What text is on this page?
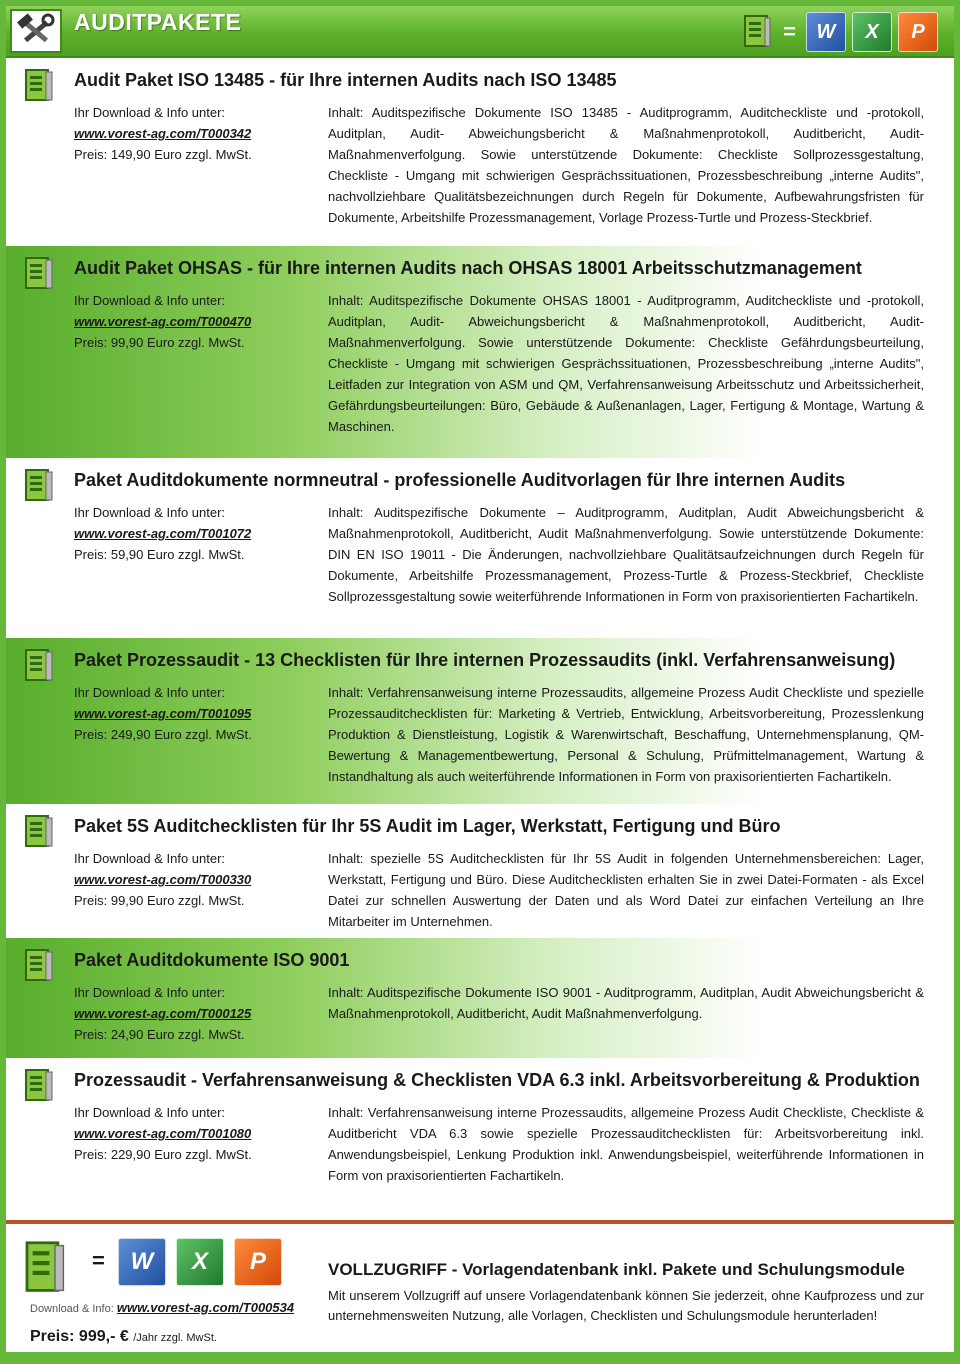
AUDITPAKETE	=	W	X	P
Audit Paket ISO 13485 - für Ihre internen Audits nach ISO 13485
Ihr Download & Info unter:
www.vorest-ag.com/T000342
Preis: 149,90 Euro zzgl. MwSt.
Inhalt: Auditspezifische Dokumente ISO 13485 - Auditprogramm, Auditcheckliste und -protokoll, Auditplan, Audit- Abweichungsbericht & Maßnahmenprotokoll, Auditbericht, Audit-Maßnahmenverfolgung. Sowie unterstützende Dokumente: Checkliste Sollprozessgestaltung, Checkliste - Umgang mit schwierigen Gesprächssituationen, Prozessbeschreibung „interne Audits", nachvollziehbare Qualitätsbezeichnungen durch Regeln für Dokumente, Aufbewahrungsfristen für Dokumente, Arbeitshilfe Prozessmanagement, Vorlage Prozess-Turtle und Prozess-Steckbrief.
Audit Paket OHSAS - für Ihre internen Audits nach OHSAS 18001 Arbeitsschutzmanagement
Ihr Download & Info unter:
www.vorest-ag.com/T000470
Preis: 99,90 Euro zzgl. MwSt.
Inhalt: Auditspezifische Dokumente OHSAS 18001 - Auditprogramm, Auditcheckliste und -protokoll, Auditplan, Audit- Abweichungsbericht & Maßnahmenprotokoll, Auditbericht, Audit-Maßnahmenverfolgung. Sowie unterstützende Dokumente: Checkliste Gefährdungsbeurteilung, Checkliste - Umgang mit schwierigen Gesprächssituationen, Prozessbeschreibung „interne Audits", Leitfaden zur Integration von ASM und QM, Verfahrensanweisung Arbeitsschutz und Arbeitssicherheit, Gefährdungsbeurteilungen: Büro, Gebäude & Außenanlagen, Lager, Fertigung & Montage, Wartung & Maschinen.
Paket Auditdokumente normneutral - professionelle Auditvorlagen für Ihre internen Audits
Ihr Download & Info unter:
www.vorest-ag.com/T001072
Preis: 59,90 Euro zzgl. MwSt.
Inhalt: Auditspezifische Dokumente – Auditprogramm, Auditplan, Audit Abweichungsbericht & Maßnahmenprotokoll, Auditbericht, Audit Maßnahmenverfolgung. Sowie unterstützende Dokumente: DIN EN ISO 19011 - Die Änderungen, nachvollziehbare Qualitätsaufzeichnungen durch Regeln für Dokumente, Arbeitshilfe Prozessmanagement, Prozess-Turtle & Prozess-Steckbrief, Checkliste Sollprozessgestaltung sowie weiterführende Informationen in Form von praxisorientierten Fachartikeln.
Paket Prozessaudit - 13 Checklisten für Ihre internen Prozessaudits (inkl. Verfahrensanweisung)
Ihr Download & Info unter:
www.vorest-ag.com/T001095
Preis: 249,90 Euro zzgl. MwSt.
Inhalt: Verfahrensanweisung interne Prozessaudits, allgemeine Prozess Audit Checkliste und spezielle Prozessauditchecklisten für: Marketing & Vertrieb, Entwicklung, Arbeitsvorbereitung, Prozesslenkung Produktion & Dienstleistung, Logistik & Warenwirtschaft, Beschaffung, Unternehmensplanung, QM-Bewertung & Managementbewertung, Personal & Schulung, Prüfmittelmanagement, Wartung & Instandhaltung als auch weiterführende Informationen in Form von praxisorientierten Fachartikeln.
Paket 5S Auditchecklisten für Ihr 5S Audit im Lager, Werkstatt, Fertigung und Büro
Ihr Download & Info unter:
www.vorest-ag.com/T000330
Preis: 99,90 Euro zzgl. MwSt.
Inhalt: spezielle 5S Auditchecklisten für Ihr 5S Audit in folgenden Unternehmensbereichen: Lager, Werkstatt, Fertigung und Büro. Diese Auditchecklisten erhalten Sie in zwei Datei-Formaten - als Excel Datei zur schnellen Auswertung der Daten und als Word Datei zur einfachen Verteilung an Ihre Mitarbeiter im Unternehmen.
Paket Auditdokumente ISO 9001
Ihr Download & Info unter:
www.vorest-ag.com/T000125
Preis: 24,90 Euro zzgl. MwSt.
Inhalt: Auditspezifische Dokumente ISO 9001 - Auditprogramm, Auditplan, Audit Abweichungsbericht & Maßnahmenprotokoll, Auditbericht, Audit Maßnahmenverfolgung.
Prozessaudit - Verfahrensanweisung & Checklisten VDA 6.3 inkl. Arbeitsvorbereitung & Produktion
Ihr Download & Info unter:
www.vorest-ag.com/T001080
Preis: 229,90 Euro zzgl. MwSt.
Inhalt: Verfahrensanweisung interne Prozessaudits, allgemeine Prozess Audit Checkliste, Checkliste & Auditbericht VDA 6.3 sowie spezielle Prozessauditchecklisten für: Arbeitsvorbereitung inkl. Anwendungsbeispiel, Lenkung Produktion inkl. Anwendungsbeispiel, weiterführende Informationen in Form von praxisorientierten Fachartikeln.
=	W	X	P
Download & Info: www.vorest-ag.com/T000534
Preis: 999,- € /Jahr zzgl. MwSt.
VOLLZUGRIFF - Vorlagendatenbank inkl. Pakete und Schulungsmodule
Mit unserem Vollzugriff auf unsere Vorlagendatenbank können Sie jederzeit, ohne Kaufprozess und zur unternehmensweiten Nutzung, alle Vorlagen, Checklisten und Schulungsmodule herunterladen!
